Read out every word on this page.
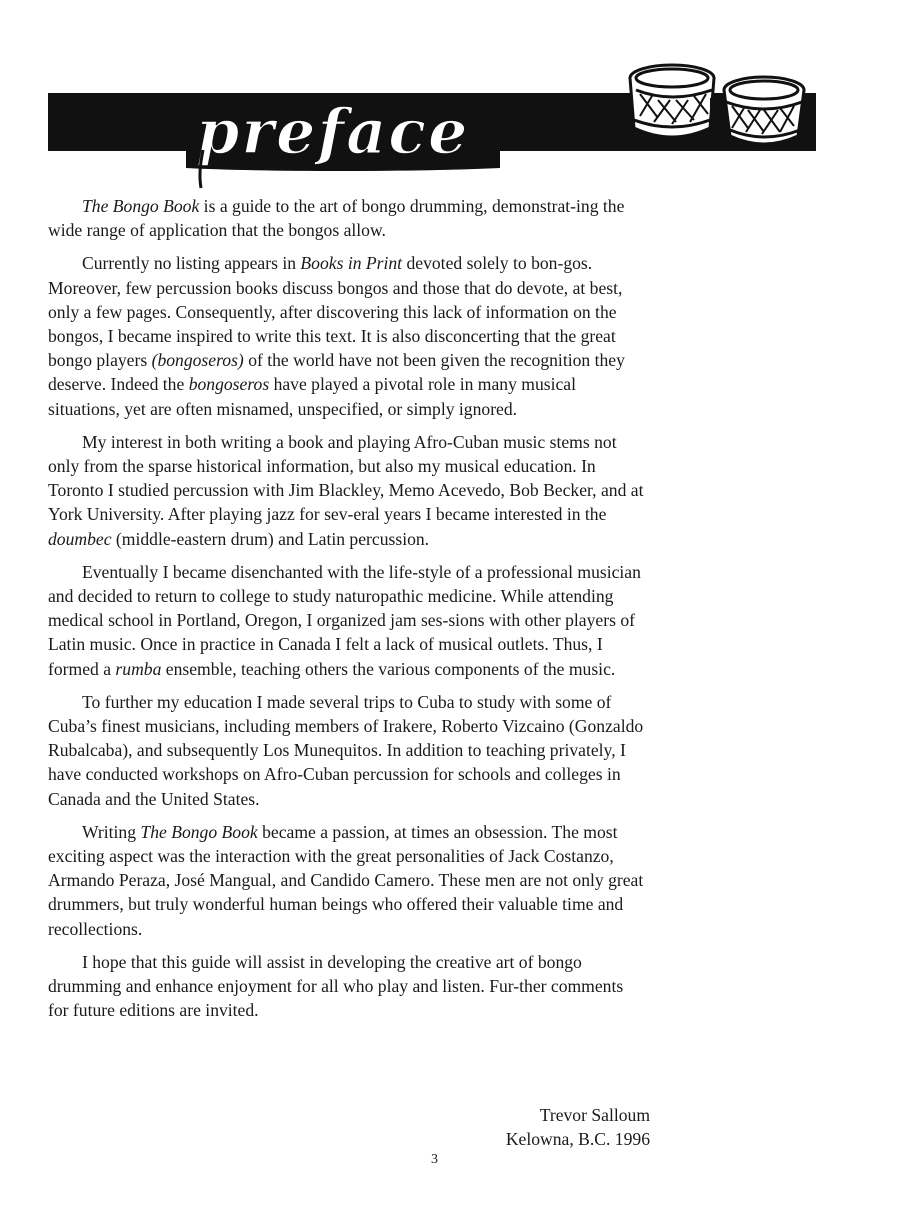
preface

The Bongo Book is a guide to the art of bongo drumming, demonstrat-ing the wide range of application that the bongos allow.

Currently no listing appears in Books in Print devoted solely to bon-gos. Moreover, few percussion books discuss bongos and those that do devote, at best, only a few pages. Consequently, after discovering this lack of information on the bongos, I became inspired to write this text. It is also disconcerting that the great bongo players (bongoseros) of the world have not been given the recognition they deserve. Indeed the bongoseros have played a pivotal role in many musical situations, yet are often misnamed, unspecified, or simply ignored.

My interest in both writing a book and playing Afro-Cuban music stems not only from the sparse historical information, but also my musical education. In Toronto I studied percussion with Jim Blackley, Memo Acevedo, Bob Becker, and at York University. After playing jazz for sev-eral years I became interested in the doumbec (middle-eastern drum) and Latin percussion.

Eventually I became disenchanted with the life-style of a professional musician and decided to return to college to study naturopathic medicine. While attending medical school in Portland, Oregon, I organized jam ses-sions with other players of Latin music. Once in practice in Canada I felt a lack of musical outlets. Thus, I formed a rumba ensemble, teaching others the various components of the music.

To further my education I made several trips to Cuba to study with some of Cuba’s finest musicians, including members of Irakere, Roberto Vizcaino (Gonzaldo Rubalcaba), and subsequently Los Munequitos. In addition to teaching privately, I have conducted workshops on Afro-Cuban percussion for schools and colleges in Canada and the United States.

Writing The Bongo Book became a passion, at times an obsession. The most exciting aspect was the interaction with the great personalities of Jack Costanzo, Armando Peraza, José Mangual, and Candido Camero. These men are not only great drummers, but truly wonderful human beings who offered their valuable time and recollections.

I hope that this guide will assist in developing the creative art of bongo drumming and enhance enjoyment for all who play and listen. Fur-ther comments for future editions are invited.

Trevor Salloum
Kelowna, B.C. 1996
3
